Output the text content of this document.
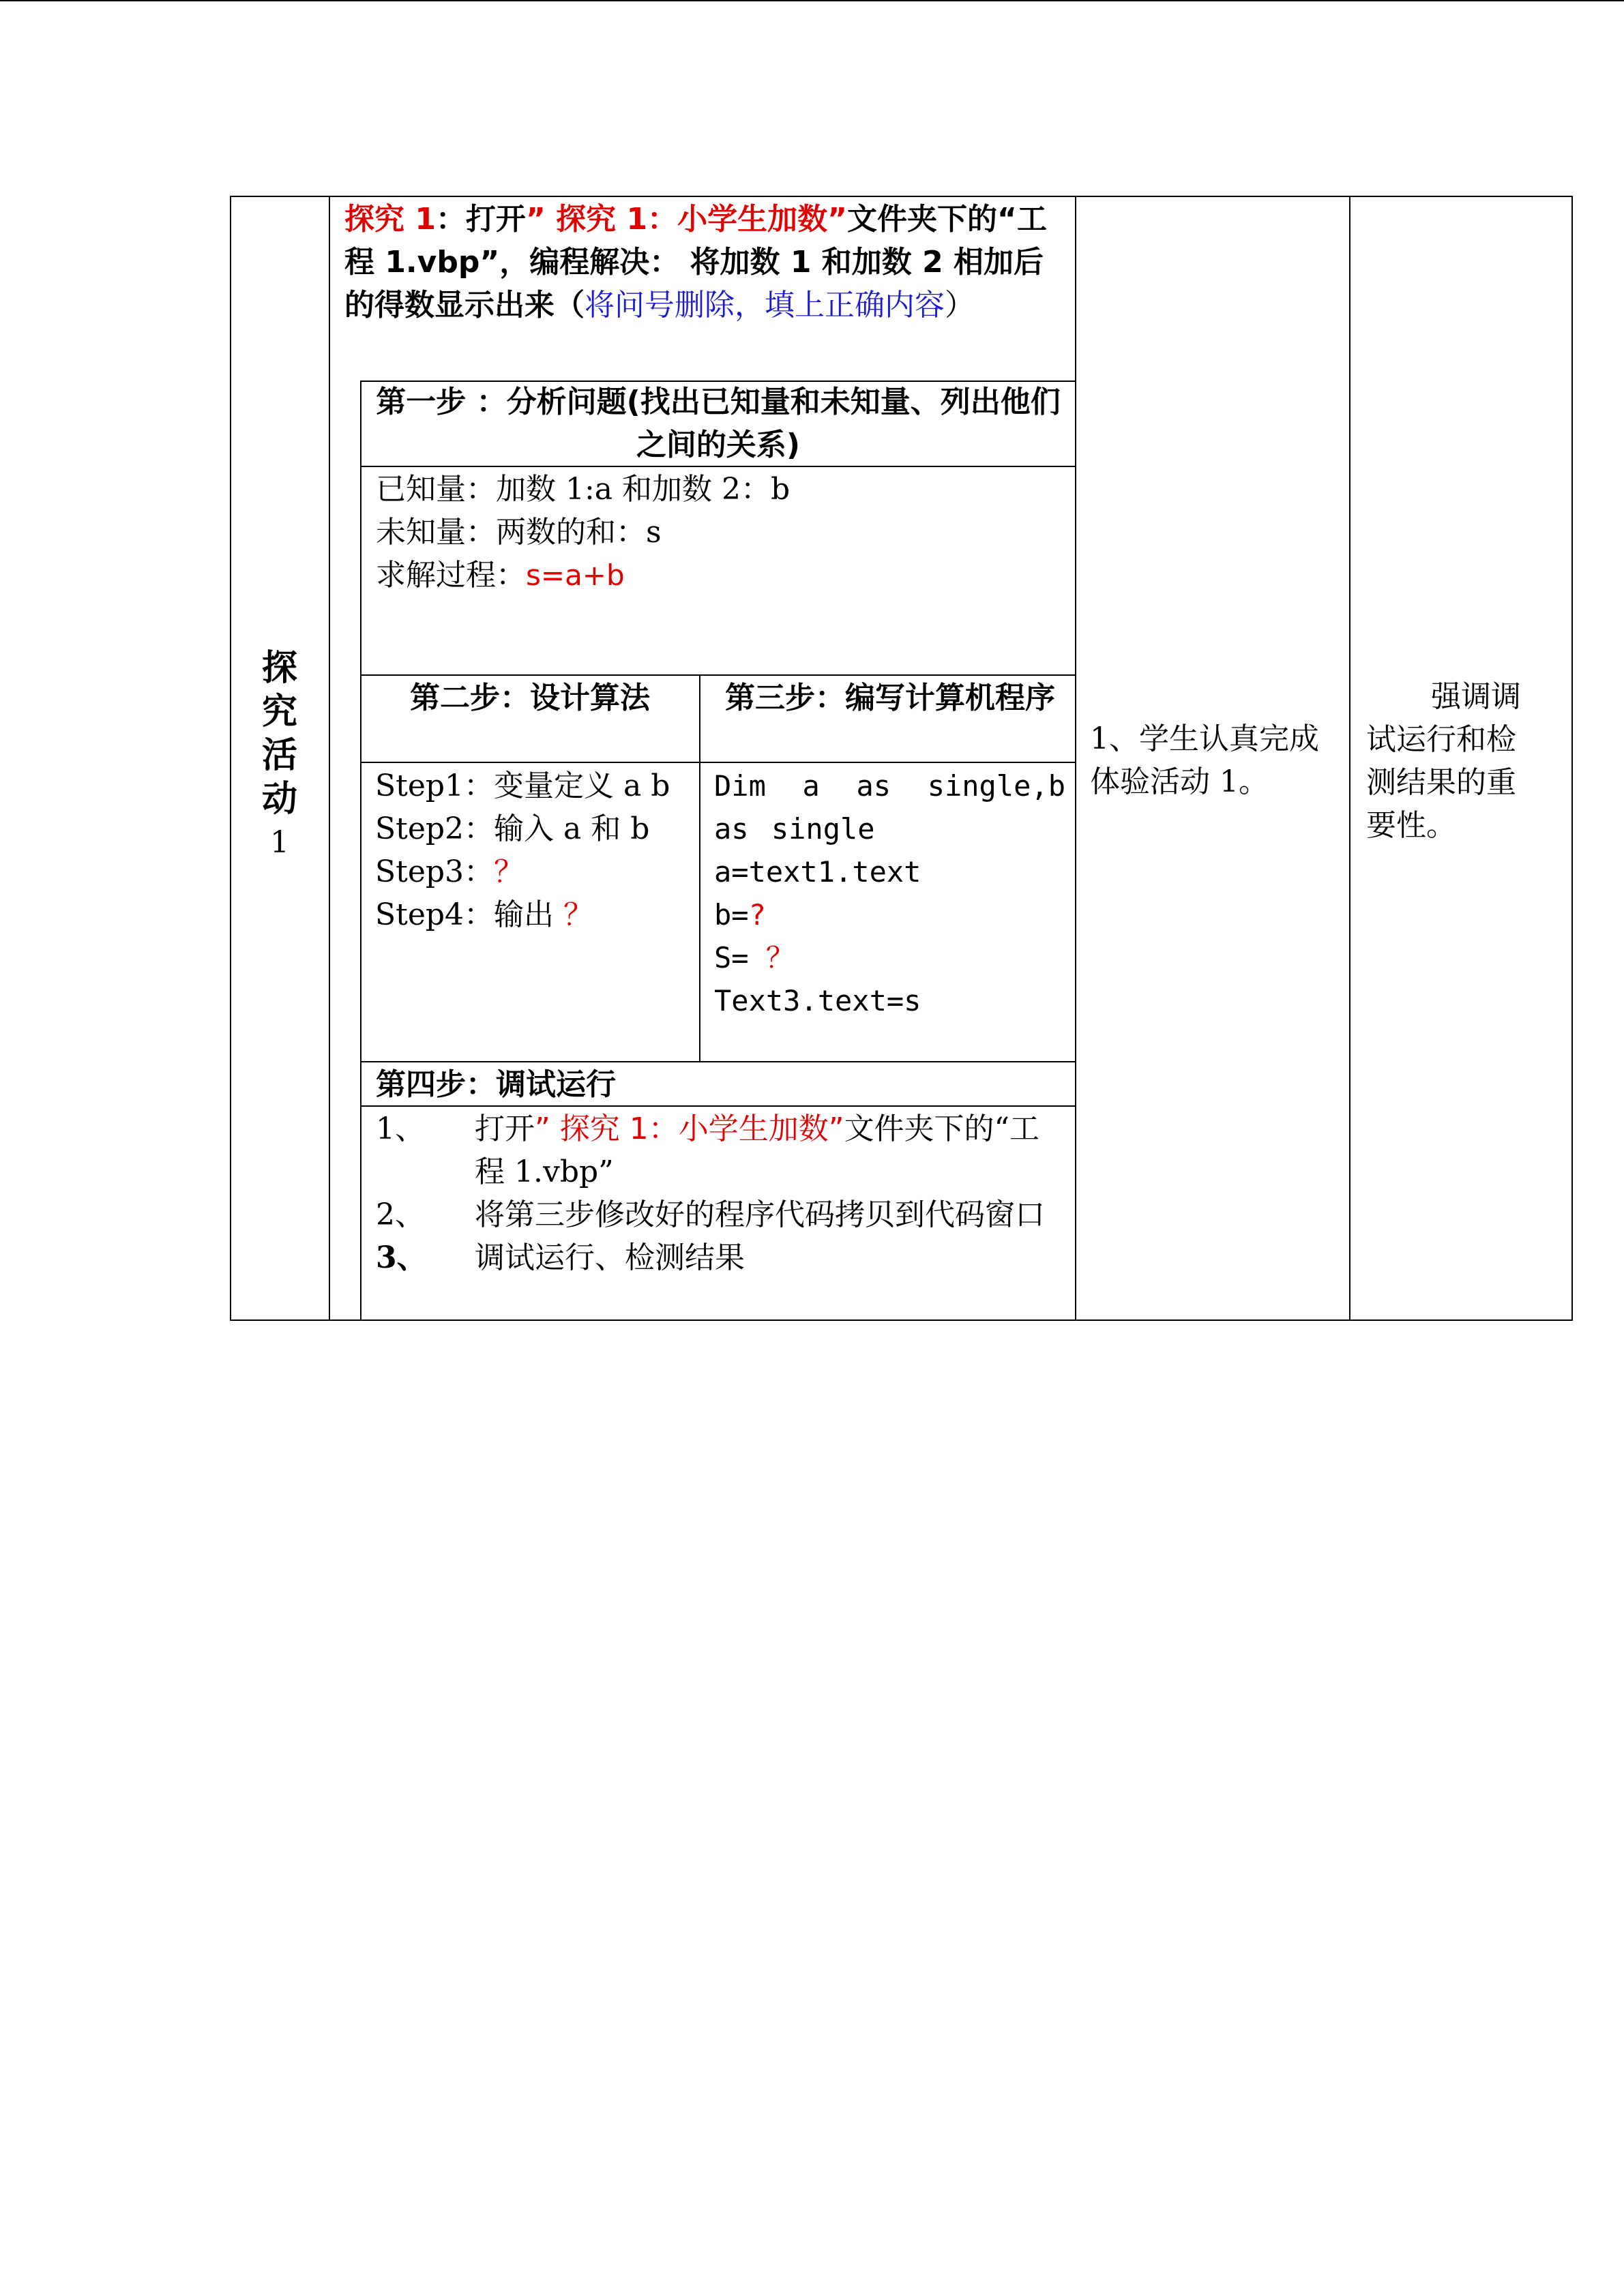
探
究
活
动
1
探究 1：打开” 探究 1：小学生加数”文件夹下的“工程 1.vbp”，编程解决： 将加数 1 和加数 2 相加后的得数显示出来（将问号删除，填上正确内容）
第一步 ：分析问题(找出已知量和未知量、列出他们之间的关系)
已知量：加数 1:a 和加数 2：b
未知量：两数的和：s
求解过程：s=a+b
第二步：设计算法
Step1：变量定义 a b
Step2：输入 a 和 b
Step3：？
Step4：输出 ？
第三步：编写计算机程序
Dim a as single,b as single
a=text1.text
b=?
S= ？
Text3.text=s
第四步：调试运行
1、 打开” 探究 1：小学生加数”文件夹下的“工程 1.vbp”
2、 将第三步修改好的程序代码拷贝到代码窗口
3、 调试运行、检测结果
1、学生认真完成体验活动 1。
强调调试运行和检测结果的重要性。
